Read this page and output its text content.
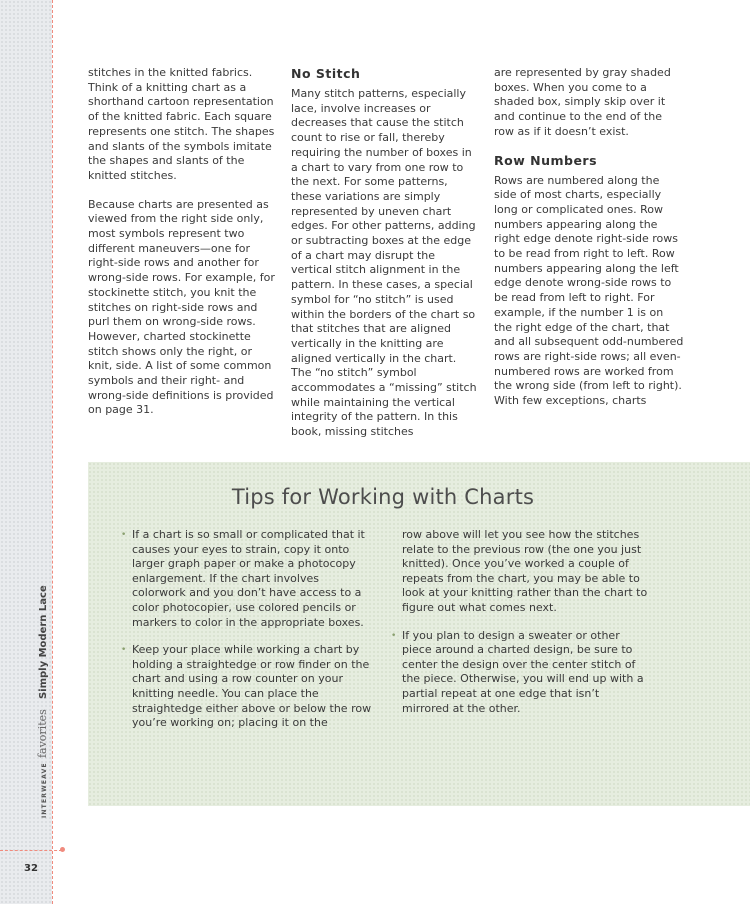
32
INTERWEAVE favorites Simply Modern Lace

stitches in the knitted fabrics. Think of a knitting chart as a shorthand cartoon representation of the knitted fabric. Each square represents one stitch. The shapes and slants of the symbols imitate the shapes and slants of the knitted stitches.

Because charts are presented as viewed from the right side only, most symbols represent two different maneuvers—one for right-side rows and another for wrong-side rows. For example, for stockinette stitch, you knit the stitches on right-side rows and purl them on wrong-side rows. However, charted stockinette stitch shows only the right, or knit, side. A list of some common symbols and their right- and wrong-side definitions is provided on page 31.

No Stitch

Many stitch patterns, especially lace, involve increases or decreases that cause the stitch count to rise or fall, thereby requiring the number of boxes in a chart to vary from one row to the next. For some patterns, these variations are simply represented by uneven chart edges. For other patterns, adding or subtracting boxes at the edge of a chart may disrupt the vertical stitch alignment in the pattern. In these cases, a special symbol for “no stitch” is used within the borders of the chart so that stitches that are aligned vertically in the knitting are aligned vertically in the chart. The “no stitch” symbol accommodates a “missing” stitch while maintaining the vertical integrity of the pattern. In this book, missing stitches

are represented by gray shaded boxes. When you come to a shaded box, simply skip over it and continue to the end of the row as if it doesn’t exist.

Row Numbers

Rows are numbered along the side of most charts, especially long or complicated ones. Row numbers appearing along the right edge denote right-side rows to be read from right to left. Row numbers appearing along the left edge denote wrong-side rows to be read from left to right. For example, if the number 1 is on the right edge of the chart, that and all subsequent odd-numbered rows are right-side rows; all even-numbered rows are worked from the wrong side (from left to right). With few exceptions, charts

Tips for Working with Charts

• If a chart is so small or complicated that it causes your eyes to strain, copy it onto larger graph paper or make a photocopy enlargement. If the chart involves colorwork and you don’t have access to a color photocopier, use colored pencils or markers to color in the appropriate boxes.

• Keep your place while working a chart by holding a straightedge or row finder on the chart and using a row counter on your knitting needle. You can place the straightedge either above or below the row you’re working on; placing it on the

row above will let you see how the stitches relate to the previous row (the one you just knitted). Once you’ve worked a couple of repeats from the chart, you may be able to look at your knitting rather than the chart to figure out what comes next.

• If you plan to design a sweater or other piece around a charted design, be sure to center the design over the center stitch of the piece. Otherwise, you will end up with a partial repeat at one edge that isn’t mirrored at the other.
